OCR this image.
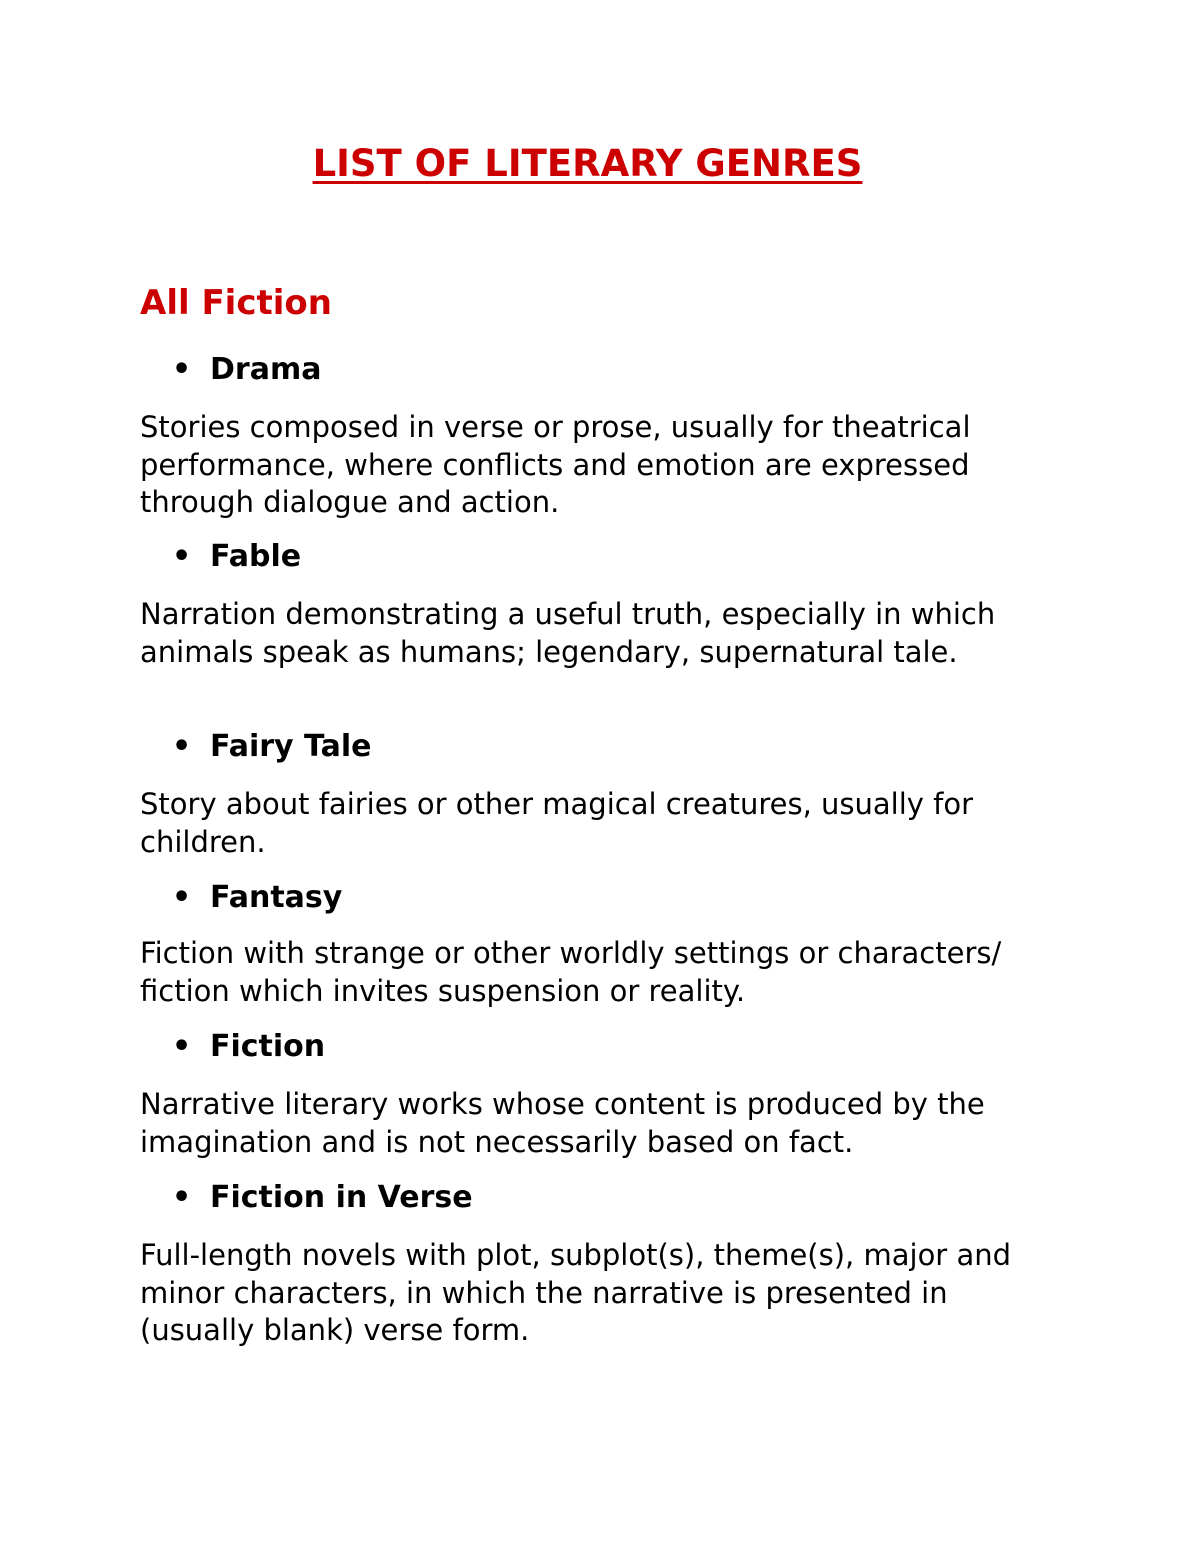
LIST OF LITERARY GENRES
All Fiction
• Drama

Stories composed in verse or prose, usually for theatrical performance, where conflicts and emotion are expressed through dialogue and action.

• Fable

Narration demonstrating a useful truth, especially in which animals speak as humans; legendary, supernatural tale.

• Fairy Tale

Story about fairies or other magical creatures, usually for children.

• Fantasy

Fiction with strange or other worldly settings or characters/ fiction which invites suspension or reality.

• Fiction

Narrative literary works whose content is produced by the imagination and is not necessarily based on fact.

• Fiction in Verse

Full-length novels with plot, subplot(s), theme(s), major and minor characters, in which the narrative is presented in (usually blank) verse form.
